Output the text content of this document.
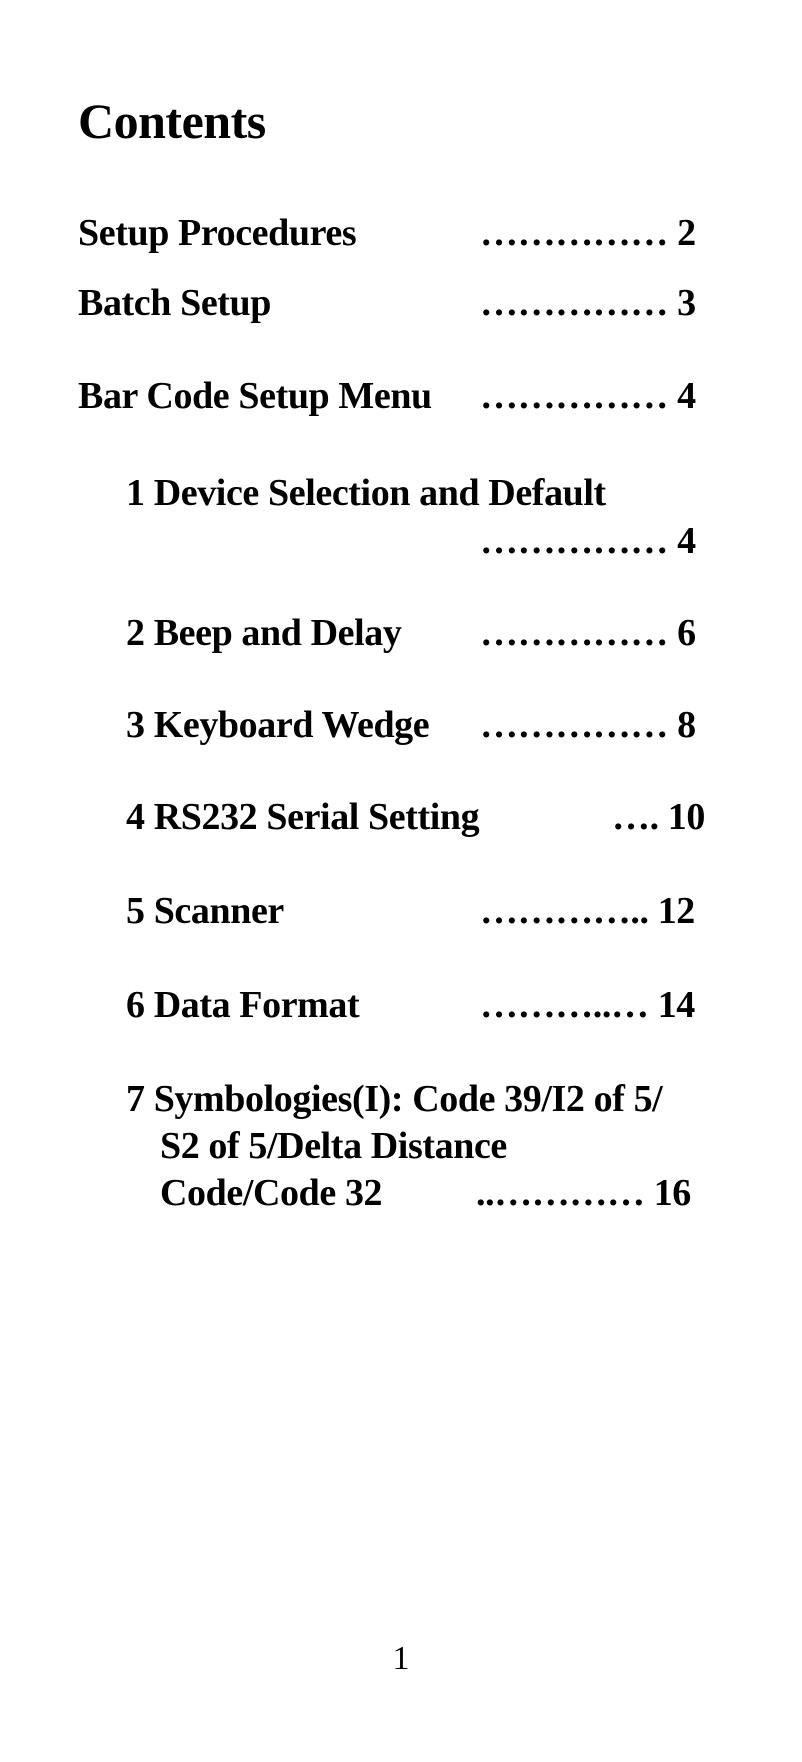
Contents
Setup Procedures	…………… 2
Batch Setup	…………… 3
Bar Code Setup Menu …………… 4
1 Device Selection and Default
…………… 4
2 Beep and Delay …………… 6
3 Keyboard Wedge …………… 8
4 RS232 Serial Setting	…. 10
5 Scanner	………….. 12
6 Data Format	………..… 14
7 Symbologies(I): Code 39/I2 of 5/
S2 of 5/Delta Distance
Code/Code 32 ..………… 16
1
